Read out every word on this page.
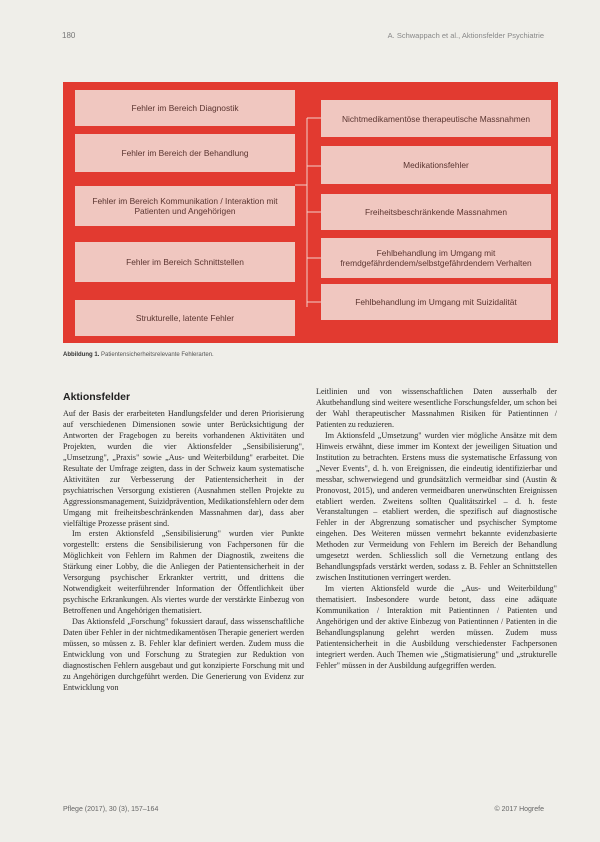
180	A. Schwappach et al., Aktionsfelder Psychiatrie
Fehler im Bereich Diagnostik
Fehler im Bereich der Behandlung
Fehler im Bereich Kommunikation / Interaktion mit Patienten und Angehörigen
Fehler im Bereich Schnittstellen
Strukturelle, latente Fehler
Nichtmedikamentöse therapeutische Massnahmen
Medikationsfehler
Freiheitsbeschränkende Massnahmen
Fehlbehandlung im Umgang mit fremdgefährdendem/selbstgefährdendem Verhalten
Fehlbehandlung im Umgang mit Suizidalität
Abbildung 1. Patientensicherheitsrelevante Fehlerarten.
Aktionsfelder

Auf der Basis der erarbeiteten Handlungsfelder und deren Priorisierung auf verschiedenen Dimensionen sowie unter Berücksichtigung der Antworten der Fragebogen zu bereits vorhandenen Aktivitäten und Projekten, wurden die vier Aktionsfelder „Sensibilisierung", „Umsetzung", „Praxis" sowie „Aus- und Weiterbildung" erarbeitet. Die Resultate der Umfrage zeigten, dass in der Schweiz kaum systematische Aktivitäten zur Verbesserung der Patientensicherheit in der psychiatrischen Versorgung existieren (Ausnahmen stellen Projekte zu Aggressionsmanagement, Suizidprävention, Medikationsfehlern oder dem Umgang mit freiheitsbeschränkenden Massnahmen dar), dass aber vielfältige Prozesse präsent sind.

Im ersten Aktionsfeld „Sensibilisierung" wurden vier Punkte vorgestellt: erstens die Sensibilisierung von Fachpersonen für die Möglichkeit von Fehlern im Rahmen der Diagnostik, zweitens die Stärkung einer Lobby, die die Anliegen der Patientensicherheit in der Versorgung psychischer Erkrankter vertritt, und drittens die Notwendigkeit weiterführender Information der Öffentlichkeit über psychische Erkrankungen. Als viertes wurde der verstärkte Einbezug von Betroffenen und Angehörigen thematisiert.

Das Aktionsfeld „Forschung" fokussiert darauf, dass wissenschaftliche Daten über Fehler in der nichtmedikamentösen Therapie generiert werden müssen, so müssen z. B. Fehler klar definiert werden. Zudem muss die Entwicklung von und Forschung zu Strategien zur Reduktion von diagnostischen Fehlern ausgebaut und gut konzipierte Forschung mit und zu Angehörigen durchgeführt werden. Die Generierung von Evidenz zur Entwicklung von

Leitlinien und von wissenschaftlichen Daten ausserhalb der Akutbehandlung sind weitere wesentliche Forschungsfelder, um schon bei der Wahl therapeutischer Massnahmen Risiken für Patientinnen / Patienten zu reduzieren.

Im Aktionsfeld „Umsetzung" wurden vier mögliche Ansätze mit dem Hinweis erwähnt, diese immer im Kontext der jeweiligen Situation und Institution zu betrachten. Erstens muss die systematische Erfassung von „Never Events", d. h. von Ereignissen, die eindeutig identifizierbar und messbar, schwerwiegend und grundsätzlich vermeidbar sind (Austin & Pronovost, 2015), und anderen vermeidbaren unerwünschten Ereignissen etabliert werden. Zweitens sollten Qualitätszirkel – d. h. feste Veranstaltungen – etabliert werden, die spezifisch auf diagnostische Fehler in der Abgrenzung somatischer und psychischer Symptome eingehen. Des Weiteren müssen vermehrt bekannte evidenzbasierte Methoden zur Vermeidung von Fehlern im Bereich der Behandlung umgesetzt werden. Schliesslich soll die Vernetzung entlang des Behandlungspfads verstärkt werden, sodass z. B. Fehler an Schnittstellen zwischen Institutionen verringert werden.

Im vierten Aktionsfeld wurde die „Aus- und Weiterbildung" thematisiert. Insbesondere wurde betont, dass eine adäquate Kommunikation / Interaktion mit Patientinnen / Patienten und Angehörigen und der aktive Einbezug von Patientinnen / Patienten in die Behandlungsplanung gelehrt werden müssen. Zudem muss Patientensicherheit in die Ausbildung verschiedenster Fachpersonen integriert werden. Auch Themen wie „Stigmatisierung" und „strukturelle Fehler" müssen in der Ausbildung aufgegriffen werden.

Pflege (2017), 30 (3), 157–164	© 2017 Hogrefe
